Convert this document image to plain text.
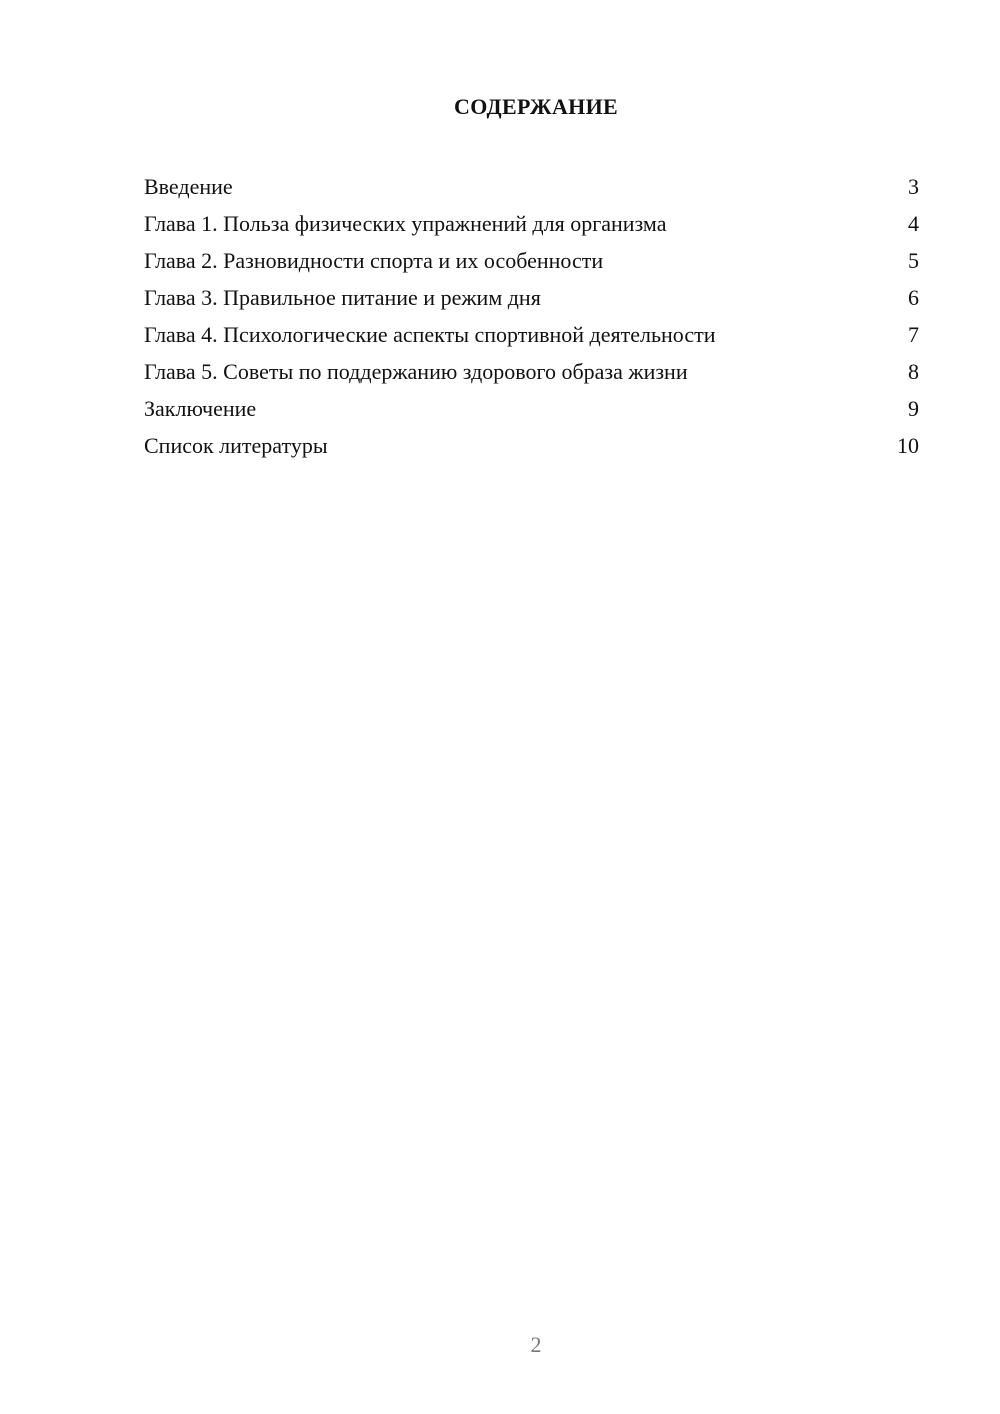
СОДЕРЖАНИЕ
Введение	3
Глава 1. Польза физических упражнений для организма	4
Глава 2. Разновидности спорта и их особенности	5
Глава 3. Правильное питание и режим дня	6
Глава 4. Психологические аспекты спортивной деятельности	7
Глава 5. Советы по поддержанию здорового образа жизни	8
Заключение	9
Список литературы	10
2
